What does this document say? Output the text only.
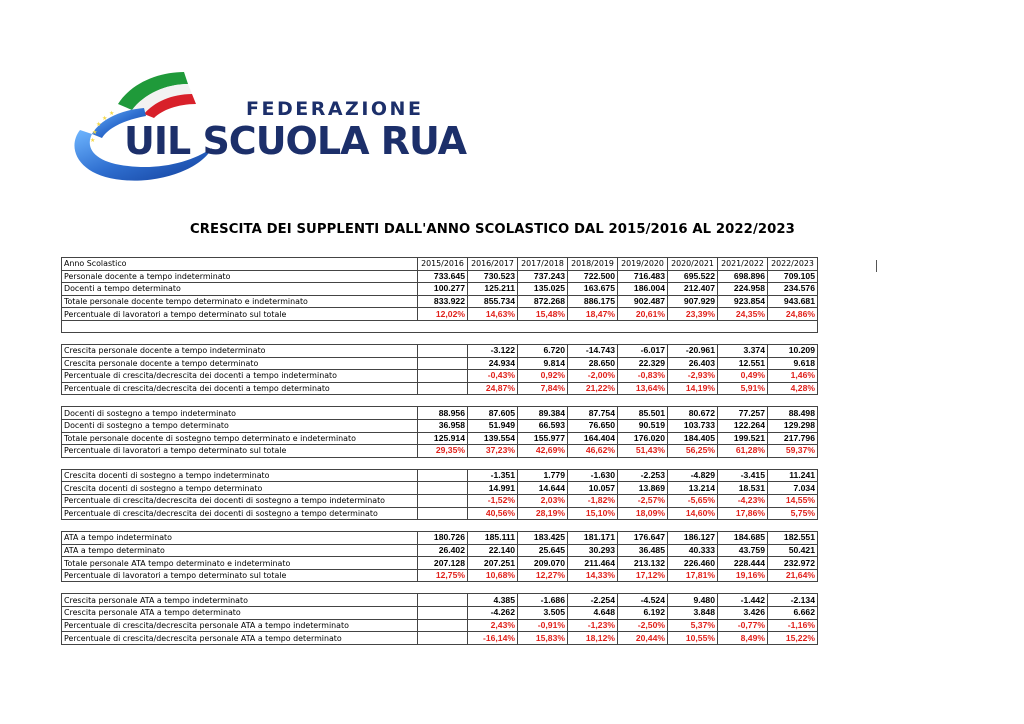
★
★
★
★
★
FEDERAZIONE
UIL SCUOLA RUA
CRESCITA DEI SUPPLENTI DALL'ANNO SCOLASTICO DAL 2015/2016 AL 2022/2023
Anno Scolastico	2015/2016	2016/2017	2017/2018	2018/2019	2019/2020	2020/2021	2021/2022	2022/2023
Personale docente a tempo indeterminato	733.645	730.523	737.243	722.500	716.483	695.522	698.896	709.105
Docenti a tempo determinato	100.277	125.211	135.025	163.675	186.004	212.407	224.958	234.576
Totale personale docente tempo determinato e indeterminato	833.922	855.734	872.268	886.175	902.487	907.929	923.854	943.681
Percentuale di lavoratori a tempo determinato sul totale	12,02%	14,63%	15,48%	18,47%	20,61%	23,39%	24,35%	24,86%

Crescita personale docente a tempo indeterminato		-3.122	6.720	-14.743	-6.017	-20.961	3.374	10.209
Crescita personale docente a tempo determinato		24.934	9.814	28.650	22.329	26.403	12.551	9.618
Percentuale di crescita/decrescita dei docenti a tempo indeterminato		-0,43%	0,92%	-2,00%	-0,83%	-2,93%	0,49%	1,46%
Percentuale di crescita/decrescita dei docenti a tempo determinato		24,87%	7,84%	21,22%	13,64%	14,19%	5,91%	4,28%

Docenti di sostegno a tempo indeterminato	88.956	87.605	89.384	87.754	85.501	80.672	77.257	88.498
Docenti di sostegno a tempo determinato	36.958	51.949	66.593	76.650	90.519	103.733	122.264	129.298
Totale personale docente di sostegno tempo determinato e indeterminato	125.914	139.554	155.977	164.404	176.020	184.405	199.521	217.796
Percentuale di lavoratori a tempo determinato sul totale	29,35%	37,23%	42,69%	46,62%	51,43%	56,25%	61,28%	59,37%

Crescita docenti di sostegno a tempo indeterminato		-1.351	1.779	-1.630	-2.253	-4.829	-3.415	11.241
Crescita docenti di sostegno a tempo determinato		14.991	14.644	10.057	13.869	13.214	18.531	7.034
Percentuale di crescita/decrescita dei docenti di sostegno a tempo indeterminato		-1,52%	2,03%	-1,82%	-2,57%	-5,65%	-4,23%	14,55%
Percentuale di crescita/decrescita dei docenti di sostegno a tempo determinato		40,56%	28,19%	15,10%	18,09%	14,60%	17,86%	5,75%

ATA a tempo indeterminato	180.726	185.111	183.425	181.171	176.647	186.127	184.685	182.551
ATA a tempo determinato	26.402	22.140	25.645	30.293	36.485	40.333	43.759	50.421
Totale personale ATA tempo determinato e indeterminato	207.128	207.251	209.070	211.464	213.132	226.460	228.444	232.972
Percentuale di lavoratori a tempo determinato sul totale	12,75%	10,68%	12,27%	14,33%	17,12%	17,81%	19,16%	21,64%

Crescita personale ATA a tempo indeterminato		4.385	-1.686	-2.254	-4.524	9.480	-1.442	-2.134
Crescita personale ATA a tempo determinato		-4.262	3.505	4.648	6.192	3.848	3.426	6.662
Percentuale di crescita/decrescita personale ATA a tempo indeterminato		2,43%	-0,91%	-1,23%	-2,50%	5,37%	-0,77%	-1,16%
Percentuale di crescita/decrescita personale ATA a tempo determinato		-16,14%	15,83%	18,12%	20,44%	10,55%	8,49%	15,22%
